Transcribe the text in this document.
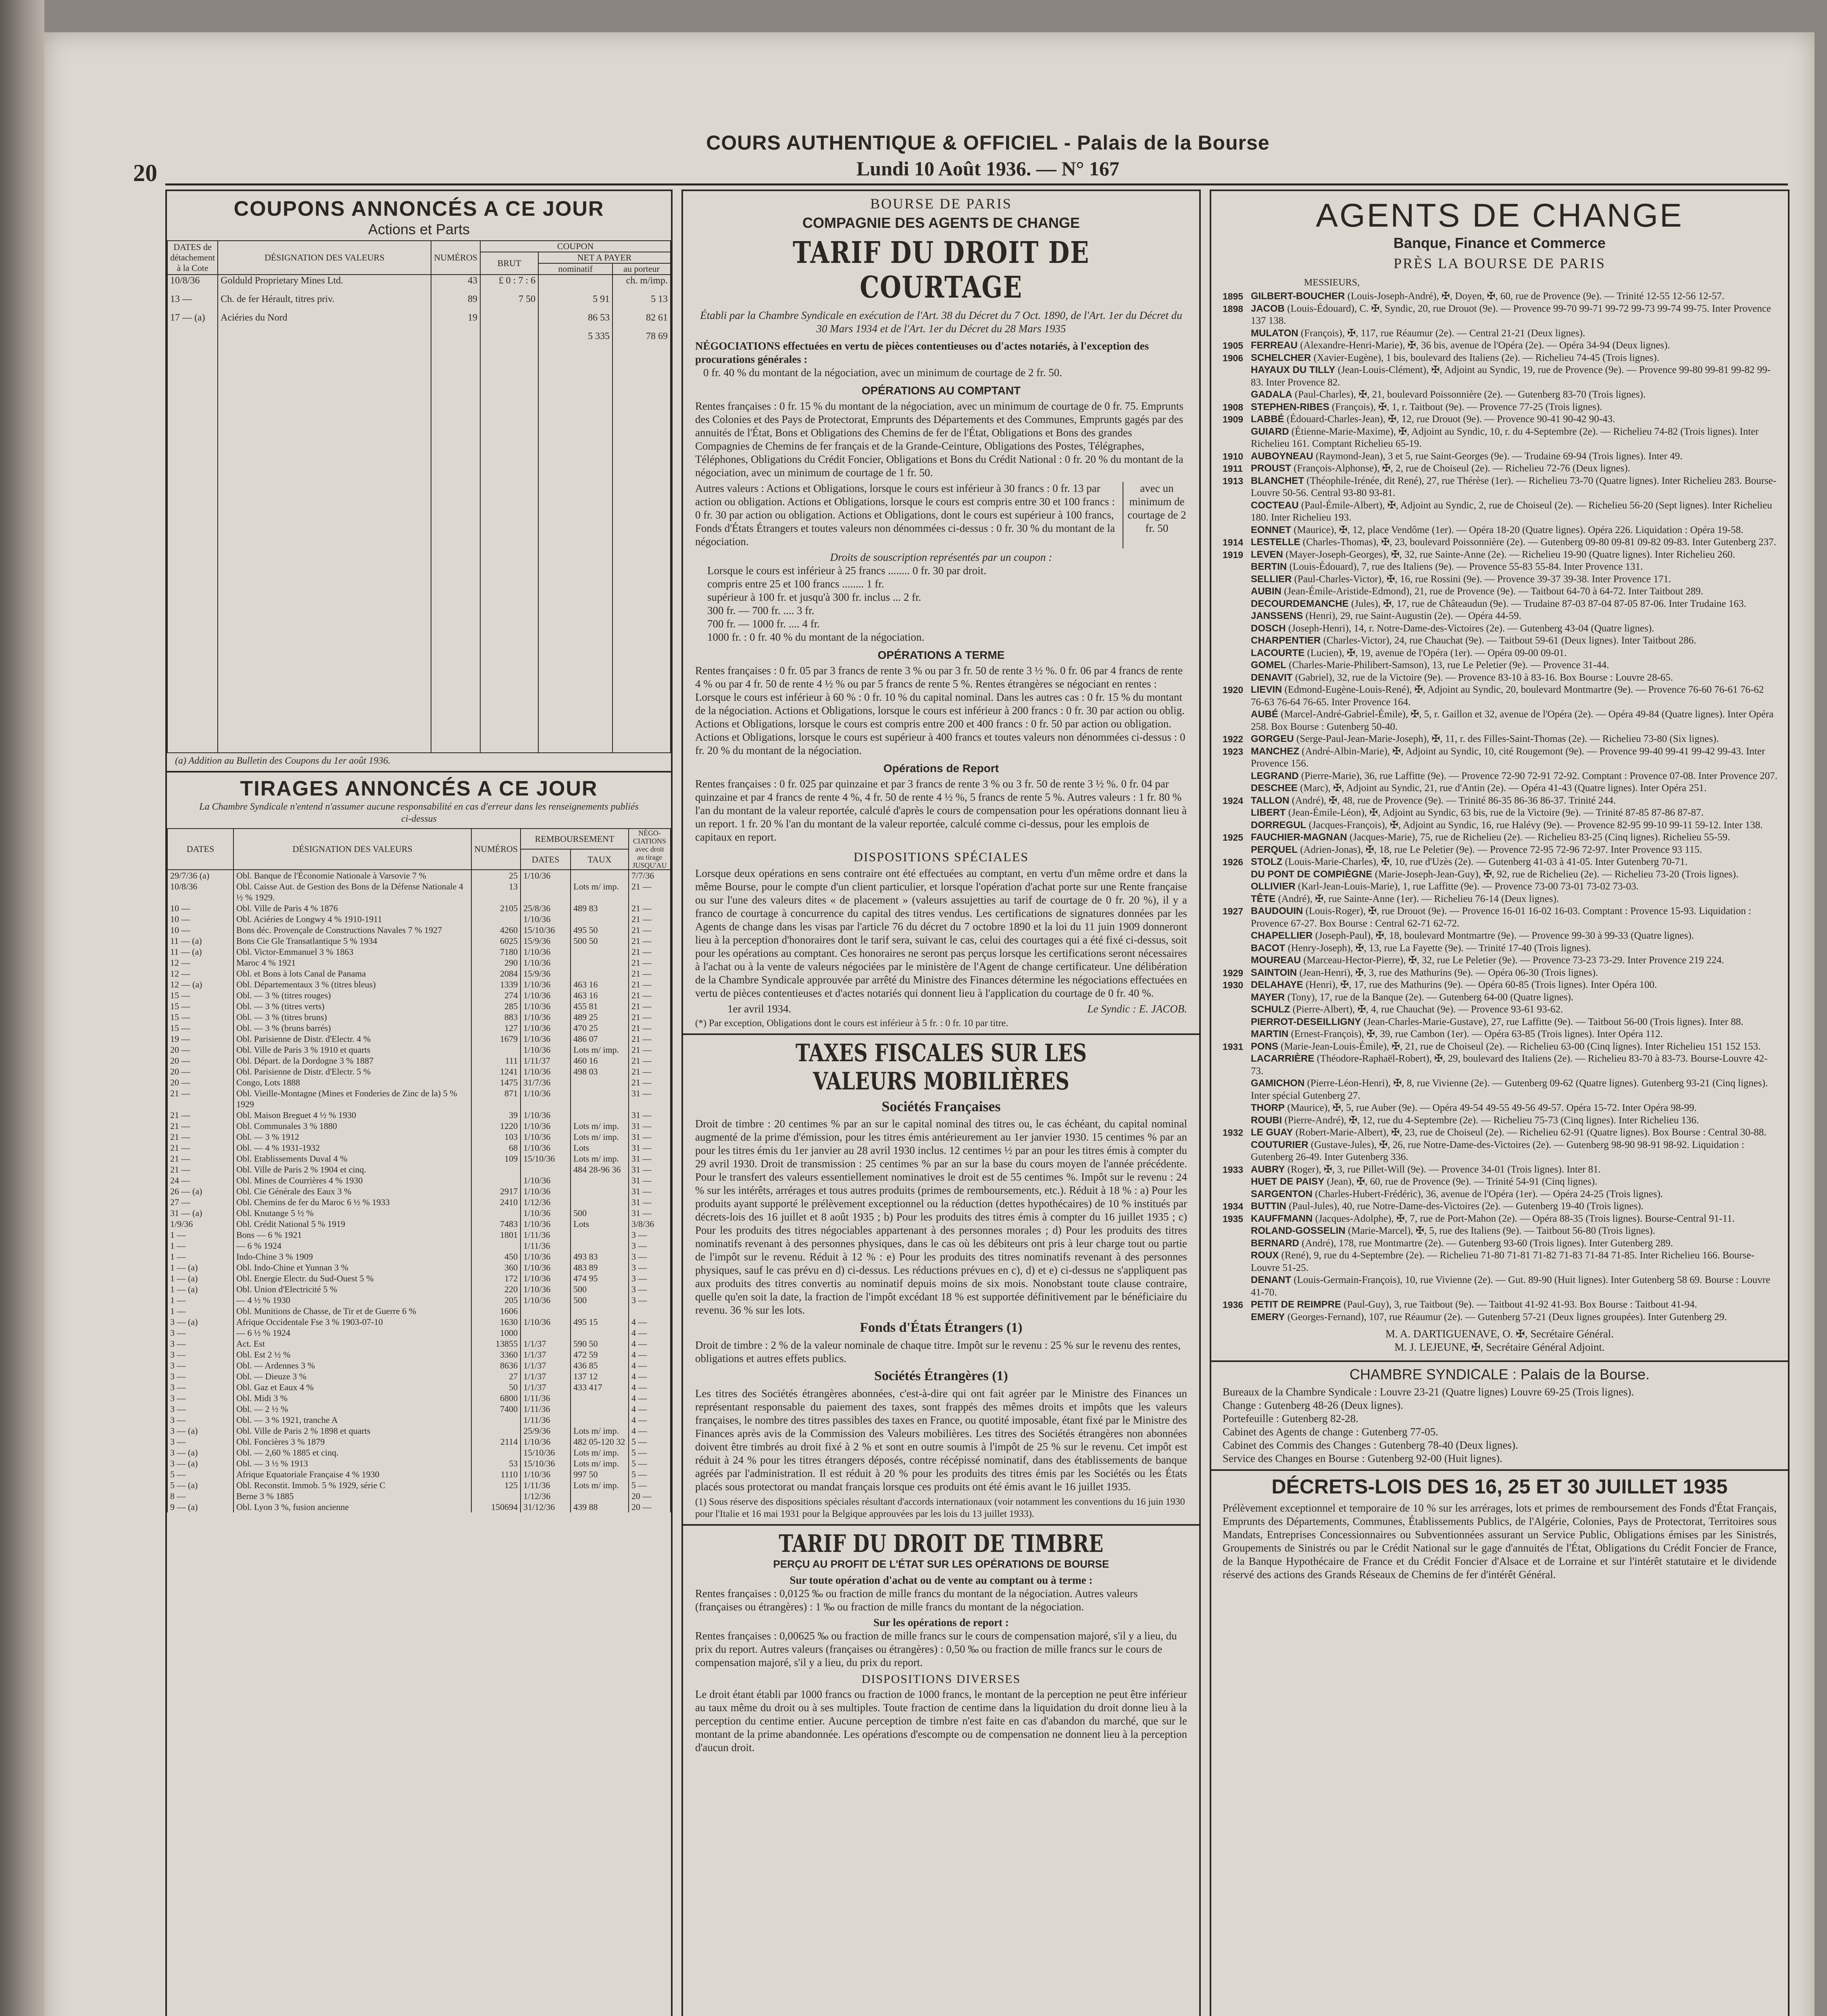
20
COURS AUTHENTIQUE & OFFICIEL - Palais de la Bourse
Lundi 10 Août 1936. — N° 167
COUPONS ANNONCÉS A CE JOUR
Actions et Parts
DATES de détachement à la Cote	DÉSIGNATION DES VALEURS	NUMÉROS	COUPON		
			BRUT	NET A PAYER	
				nominatif	au porteur
10/8/36	Golduld Proprietary Mines Ltd.	43	£ 0 : 7 : 6		ch. m/imp.
13 —	Ch. de fer Hérault, titres priv.	89	7 50	5 91	5 13
17 — (a)	Aciéries du Nord	19		86 53	82 61
				5 335	78 69

(a) Addition au Bulletin des Coupons du 1er août 1936.
TIRAGES ANNONCÉS A CE JOUR
La Chambre Syndicale n'entend n'assumer aucune responsabilité en cas d'erreur dans les renseignements publiés ci-dessus
DATES	DÉSIGNATION DES VALEURS	NUMÉROS	REMBOURSEMENT		NÉGO-CIATIONS avec droit au tirage JUSQU'AU
			DATES	TAUX	
29/7/36 (a)	Obl. Banque de l'Économie Nationale à Varsovie 7 %	25	1/10/36		7/7/36
10/8/36	Obl. Caisse Aut. de Gestion des Bons de la Défense Nationale 4 ½ % 1929.	13		Lots m/ imp.	21 —
10 —	Obl. Ville de Paris 4 % 1876	2105	25/8/36	489 83	21 —
10 —	Obl. Aciéries de Longwy 4 % 1910-1911		1/10/36		21 —
10 —	Bons déc. Provençale de Constructions Navales 7 % 1927	4260	15/10/36	495 50	21 —
11 — (a)	Bons Cie Gle Transatlantique 5 % 1934	6025	15/9/36	500 50	21 —
11 — (a)	Obl. Victor-Emmanuel 3 % 1863	7180	1/10/36		21 —
12 —	Maroc 4 % 1921	290	1/10/36		21 —
12 —	Obl. et Bons à lots Canal de Panama	2084	15/9/36		21 —
12 — (a)	Obl. Départementaux 3 % (titres bleus)	1339	1/10/36	463 16	21 —
15 —	Obl. — 3 % (titres rouges)	274	1/10/36	463 16	21 —
15 —	Obl. — 3 % (titres verts)	285	1/10/36	455 81	21 —
15 —	Obl. — 3 % (titres bruns)	883	1/10/36	489 25	21 —
15 —	Obl. — 3 % (bruns barrés)	127	1/10/36	470 25	21 —
19 —	Obl. Parisienne de Distr. d'Electr. 4 %	1679	1/10/36	486 07	21 —
20 —	Obl. Ville de Paris 3 % 1910 et quarts		1/10/36	Lots m/ imp.	21 —
20 —	Obl. Départ. de la Dordogne 3 % 1887	111	1/11/37	460 16	21 —
20 —	Obl. Parisienne de Distr. d'Electr. 5 %	1241	1/10/36	498 03	21 —
20 —	Congo, Lots 1888	1475	31/7/36		21 —
21 —	Obl. Vieille-Montagne (Mines et Fonderies de Zinc de la) 5 % 1929	871	1/10/36		31 —
21 —	Obl. Maison Breguet 4 ½ % 1930	39	1/10/36		31 —
21 —	Obl. Communales 3 % 1880	1220	1/10/36	Lots m/ imp.	31 —
21 —	Obl. — 3 % 1912	103	1/10/36	Lots m/ imp.	31 —
21 —	Obl. — 4 % 1931-1932	68	1/10/36	Lots	31 —
21 —	Obl. Etablissements Duval 4 %	109	15/10/36	Lots m/ imp.	31 —
21 —	Obl. Ville de Paris 2 % 1904 et cinq.			484 28-96 36	31 —
24 —	Obl. Mines de Courrières 4 % 1930		1/10/36		31 —
26 — (a)	Obl. Cie Générale des Eaux 3 %	2917	1/10/36		31 —
27 —	Obl. Chemins de fer du Maroc 6 ½ % 1933	2410	1/12/36		31 —
31 — (a)	Obl. Knutange 5 ½ %		1/10/36	500	31 —
1/9/36	Obl. Crédit National 5 % 1919	7483	1/10/36	Lots	3/8/36
1 —	Bons — 6 % 1921	1801	1/11/36		3 —
1 —	— 6 % 1924		1/11/36		3 —
1 —	Indo-Chine 3 % 1909	450	1/10/36	493 83	3 —
1 — (a)	Obl. Indo-Chine et Yunnan 3 %	360	1/10/36	483 89	3 —
1 — (a)	Obl. Energie Electr. du Sud-Ouest 5 %	172	1/10/36	474 95	3 —
1 — (a)	Obl. Union d'Electricité 5 %	220	1/10/36	500	3 —
1 —	— 4 ½ % 1930	205	1/10/36	500	3 —
1 —	Obl. Munitions de Chasse, de Tir et de Guerre 6 %	1606			
3 — (a)	Afrique Occidentale Fse 3 % 1903-07-10	1630	1/10/36	495 15	4 —
3 —	— 6 ½ % 1924	1000			4 —
3 —	Act. Est	13855	1/1/37	590 50	4 —
3 —	Obl. Est 2 ½ %	3360	1/1/37	472 59	4 —
3 —	Obl. — Ardennes 3 %	8636	1/1/37	436 85	4 —
3 —	Obl. — Dieuze 3 %	27	1/1/37	137 12	4 —
3 —	Obl. Gaz et Eaux 4 %	50	1/1/37	433 417	4 —
3 —	Obl. Midi 3 %	6800	1/11/36		4 —
3 —	Obl. — 2 ½ %	7400	1/11/36		4 —
3 —	Obl. — 3 % 1921, tranche A		1/11/36		4 —
3 — (a)	Obl. Ville de Paris 2 % 1898 et quarts		25/9/36	Lots m/ imp.	4 —
3 —	Obl. Foncières 3 % 1879	2114	1/10/36	482 05-120 32	5 —
3 — (a)	Obl. — 2,60 % 1885 et cinq.		15/10/36	Lots m/ imp.	5 —
3 — (a)	Obl. — 3 ½ % 1913	53	15/10/36	Lots m/ imp.	5 —
5 —	Afrique Equatoriale Française 4 % 1930	1110	1/10/36	997 50	5 —
5 — (a)	Obl. Reconstit. Immob. 5 % 1929, série C	125	1/11/36	Lots m/ imp.	5 —
8 —	Berne 3 % 1885		1/12/36		20 —
9 — (a)	Obl. Lyon 3 %, fusion ancienne	150694	31/12/36	439 88	20 —
BOURSE DE PARIS
COMPAGNIE DES AGENTS DE CHANGE
TARIF DU DROIT DE COURTAGE
Établi par la Chambre Syndicale en exécution de l'Art. 38 du Décret du 7 Oct. 1890, de l'Art. 1er du Décret du 30 Mars 1934 et de l'Art. 1er du Décret du 28 Mars 1935
NÉGOCIATIONS effectuées en vertu de pièces contentieuses ou d'actes notariés, à l'exception des procurations générales :
0 fr. 40 % du montant de la négociation, avec un minimum de courtage de 2 fr. 50.
OPÉRATIONS AU COMPTANT
Rentes françaises : 0 fr. 15 % du montant de la négociation, avec un minimum de courtage de 0 fr. 75. Emprunts des Colonies et des Pays de Protectorat, Emprunts des Départements et des Communes, Emprunts gagés par des annuités de l'État, Bons et Obligations des Chemins de fer de l'État, Obligations et Bons des grandes Compagnies de Chemins de fer français et de la Grande-Ceinture, Obligations des Postes, Télégraphes, Téléphones, Obligations du Crédit Foncier, Obligations et Bons du Crédit National : 0 fr. 20 % du montant de la négociation, avec un minimum de courtage de 1 fr. 50.
Autres valeurs : Actions et Obligations, lorsque le cours est inférieur à 30 francs : 0 fr. 13 par action ou obligation. Actions et Obligations, lorsque le cours est compris entre 30 et 100 francs : 0 fr. 30 par action ou obligation. Actions et Obligations, dont le cours est supérieur à 100 francs, Fonds d'États Étrangers et toutes valeurs non dénommées ci-dessus : 0 fr. 30 % du montant de la négociation.
avec un minimum de courtage de 2 fr. 50
Droits de souscription représentés par un coupon :
Lorsque le cours est inférieur à 25 francs ........ 0 fr. 30 par droit.
compris entre 25 et 100 francs ........ 1 fr.
supérieur à 100 fr. et jusqu'à 300 fr. inclus ... 2 fr.
300 fr. — 700 fr. .... 3 fr.
700 fr. — 1000 fr. .... 4 fr.
1000 fr. : 0 fr. 40 % du montant de la négociation.
OPÉRATIONS A TERME
Rentes françaises : 0 fr. 05 par 3 francs de rente 3 % ou par 3 fr. 50 de rente 3 ½ %. 0 fr. 06 par 4 francs de rente 4 % ou par 4 fr. 50 de rente 4 ½ % ou par 5 francs de rente 5 %. Rentes étrangères se négociant en rentes : Lorsque le cours est inférieur à 60 % : 0 fr. 10 % du capital nominal. Dans les autres cas : 0 fr. 15 % du montant de la négociation. Actions et Obligations, lorsque le cours est inférieur à 200 francs : 0 fr. 30 par action ou oblig. Actions et Obligations, lorsque le cours est compris entre 200 et 400 francs : 0 fr. 50 par action ou obligation. Actions et Obligations, lorsque le cours est supérieur à 400 francs et toutes valeurs non dénommées ci-dessus : 0 fr. 20 % du montant de la négociation.
Opérations de Report
Rentes françaises : 0 fr. 025 par quinzaine et par 3 francs de rente 3 % ou 3 fr. 50 de rente 3 ½ %. 0 fr. 04 par quinzaine et par 4 francs de rente 4 %, 4 fr. 50 de rente 4 ½ %, 5 francs de rente 5 %. Autres valeurs : 1 fr. 80 % l'an du montant de la valeur reportée, calculé d'après le cours de compensation pour les opérations donnant lieu à un report. 1 fr. 20 % l'an du montant de la valeur reportée, calculé comme ci-dessus, pour les emplois de capitaux en report.
DISPOSITIONS SPÉCIALES
Lorsque deux opérations en sens contraire ont été effectuées au comptant, en vertu d'un même ordre et dans la même Bourse, pour le compte d'un client particulier, et lorsque l'opération d'achat porte sur une Rente française ou sur l'une des valeurs dites « de placement » (valeurs assujetties au tarif de courtage de 0 fr. 20 %), il y a franco de courtage à concurrence du capital des titres vendus. Les certifications de signatures données par les Agents de change dans les visas par l'article 76 du décret du 7 octobre 1890 et la loi du 11 juin 1909 donneront lieu à la perception d'honoraires dont le tarif sera, suivant le cas, celui des courtages qui a été fixé ci-dessus, soit pour les opérations au comptant. Ces honoraires ne seront pas perçus lorsque les certifications seront nécessaires à l'achat ou à la vente de valeurs négociées par le ministère de l'Agent de change certificateur. Une délibération de la Chambre Syndicale approuvée par arrêté du Ministre des Finances détermine les négociations effectuées en vertu de pièces contentieuses et d'actes notariés qui donnent lieu à l'application du courtage de 0 fr. 40 %.
1er avril 1934.	Le Syndic : E. JACOB.
(*) Par exception, Obligations dont le cours est inférieur à 5 fr. : 0 fr. 10 par titre.
TAXES FISCALES SUR LES VALEURS MOBILIÈRES
Sociétés Françaises
Droit de timbre : 20 centimes % par an sur le capital nominal des titres ou, le cas échéant, du capital nominal augmenté de la prime d'émission, pour les titres émis antérieurement au 1er janvier 1930. 15 centimes % par an pour les titres émis du 1er janvier au 28 avril 1930 inclus. 12 centimes ½ par an pour les titres émis à compter du 29 avril 1930. Droit de transmission : 25 centimes % par an sur la base du cours moyen de l'année précédente. Pour le transfert des valeurs essentiellement nominatives le droit est de 55 centimes %. Impôt sur le revenu : 24 % sur les intérêts, arrérages et tous autres produits (primes de remboursements, etc.). Réduit à 18 % : a) Pour les produits ayant supporté le prélèvement exceptionnel ou la réduction (dettes hypothécaires) de 10 % institués par décrets-lois des 16 juillet et 8 août 1935 ; b) Pour les produits des titres émis à compter du 16 juillet 1935 ; c) Pour les produits des titres négociables appartenant à des personnes morales ; d) Pour les produits des titres nominatifs revenant à des personnes physiques, dans le cas où les débiteurs ont pris à leur charge tout ou partie de l'impôt sur le revenu. Réduit à 12 % : e) Pour les produits des titres nominatifs revenant à des personnes physiques, sauf le cas prévu en d) ci-dessus. Les réductions prévues en c), d) et e) ci-dessus ne s'appliquent pas aux produits des titres convertis au nominatif depuis moins de six mois. Nonobstant toute clause contraire, quelle qu'en soit la date, la fraction de l'impôt excédant 18 % est supportée définitivement par le bénéficiaire du revenu. 36 % sur les lots.
Fonds d'États Étrangers (1)
Droit de timbre : 2 % de la valeur nominale de chaque titre. Impôt sur le revenu : 25 % sur le revenu des rentes, obligations et autres effets publics.
Sociétés Étrangères (1)
Les titres des Sociétés étrangères abonnées, c'est-à-dire qui ont fait agréer par le Ministre des Finances un représentant responsable du paiement des taxes, sont frappés des mêmes droits et impôts que les valeurs françaises, le nombre des titres passibles des taxes en France, ou quotité imposable, étant fixé par le Ministre des Finances après avis de la Commission des Valeurs mobilières. Les titres des Sociétés étrangères non abonnées doivent être timbrés au droit fixé à 2 % et sont en outre soumis à l'impôt de 25 % sur le revenu. Cet impôt est réduit à 24 % pour les titres étrangers déposés, contre récépissé nominatif, dans des établissements de banque agréés par l'administration. Il est réduit à 20 % pour les produits des titres émis par les Sociétés ou les États placés sous protectorat ou mandat français lorsque ces produits ont été émis avant le 16 juillet 1935.
(1) Sous réserve des dispositions spéciales résultant d'accords internationaux (voir notamment les conventions du 16 juin 1930 pour l'Italie et 16 mai 1931 pour la Belgique approuvées par les lois du 13 juillet 1933).
TARIF DU DROIT DE TIMBRE
PERÇU AU PROFIT DE L'ÉTAT SUR LES OPÉRATIONS DE BOURSE
Sur toute opération d'achat ou de vente au comptant ou à terme :
Rentes françaises : 0,0125 ‰ ou fraction de mille francs du montant de la négociation. Autres valeurs (françaises ou étrangères) : 1 ‰ ou fraction de mille francs du montant de la négociation.
Sur les opérations de report :
Rentes françaises : 0,00625 ‰ ou fraction de mille francs sur le cours de compensation majoré, s'il y a lieu, du prix du report. Autres valeurs (françaises ou étrangères) : 0,50 ‰ ou fraction de mille francs sur le cours de compensation majoré, s'il y a lieu, du prix du report.
DISPOSITIONS DIVERSES
Le droit étant établi par 1000 francs ou fraction de 1000 francs, le montant de la perception ne peut être inférieur au taux même du droit ou à ses multiples. Toute fraction de centime dans la liquidation du droit donne lieu à la perception du centime entier. Aucune perception de timbre n'est faite en cas d'abandon du marché, que sur le montant de la prime abandonnée. Les opérations d'escompte ou de compensation ne donnent lieu à la perception d'aucun droit.
AGENTS DE CHANGE
Banque, Finance et Commerce
PRÈS LA BOURSE DE PARIS
MESSIEURS,
1895 GILBERT-BOUCHER (Louis-Joseph-André), ✠, Doyen, ✠, 60, rue de Provence (9e). — Trinité 12-55 12-56 12-57.
1898 JACOB (Louis-Édouard), C. ✠, Syndic, 20, rue Drouot (9e). — Provence 99-70 99-71 99-72 99-73 99-74 99-75. Inter Provence 137 138.
MULATON (François), ✠, 117, rue Réaumur (2e). — Central 21-21 (Deux lignes).
1905 FERREAU (Alexandre-Henri-Marie), ✠, 36 bis, avenue de l'Opéra (2e). — Opéra 34-94 (Deux lignes).
1906 SCHELCHER (Xavier-Eugène), 1 bis, boulevard des Italiens (2e). — Richelieu 74-45 (Trois lignes).
HAYAUX DU TILLY (Jean-Louis-Clément), ✠, Adjoint au Syndic, 19, rue de Provence (9e). — Provence 99-80 99-81 99-82 99-83. Inter Provence 82.
GADALA (Paul-Charles), ✠, 21, boulevard Poissonnière (2e). — Gutenberg 83-70 (Trois lignes).
1908 STEPHEN-RIBES (François), ✠, 1, r. Taitbout (9e). — Provence 77-25 (Trois lignes).
1909 LABBÉ (Édouard-Charles-Jean), ✠, 12, rue Drouot (9e). — Provence 90-41 90-42 90-43.
GUIARD (Étienne-Marie-Maxime), ✠, Adjoint au Syndic, 10, r. du 4-Septembre (2e). — Richelieu 74-82 (Trois lignes). Inter Richelieu 161. Comptant Richelieu 65-19.
1910 AUBOYNEAU (Raymond-Jean), 3 et 5, rue Saint-Georges (9e). — Trudaine 69-94 (Trois lignes). Inter 49.
1911 PROUST (François-Alphonse), ✠, 2, rue de Choiseul (2e). — Richelieu 72-76 (Deux lignes).
1913 BLANCHET (Théophile-Irénée, dit René), 27, rue Thérèse (1er). — Richelieu 73-70 (Quatre lignes). Inter Richelieu 283. Bourse-Louvre 50-56. Central 93-80 93-81.
COCTEAU (Paul-Émile-Albert), ✠, Adjoint au Syndic, 2, rue de Choiseul (2e). — Richelieu 56-20 (Sept lignes). Inter Richelieu 180. Inter Richelieu 193.
EONNET (Maurice), ✠, 12, place Vendôme (1er). — Opéra 18-20 (Quatre lignes). Opéra 226. Liquidation : Opéra 19-58.
1914 LESTELLE (Charles-Thomas), ✠, 23, boulevard Poissonnière (2e). — Gutenberg 09-80 09-81 09-82 09-83. Inter Gutenberg 237.
1919 LEVEN (Mayer-Joseph-Georges), ✠, 32, rue Sainte-Anne (2e). — Richelieu 19-90 (Quatre lignes). Inter Richelieu 260.
BERTIN (Louis-Édouard), 7, rue des Italiens (9e). — Provence 55-83 55-84. Inter Provence 131.
SELLIER (Paul-Charles-Victor), ✠, 16, rue Rossini (9e). — Provence 39-37 39-38. Inter Provence 171.
AUBIN (Jean-Émile-Aristide-Edmond), 21, rue de Provence (9e). — Taitbout 64-70 à 64-72. Inter Taitbout 289.
DECOURDEMANCHE (Jules), ✠, 17, rue de Châteaudun (9e). — Trudaine 87-03 87-04 87-05 87-06. Inter Trudaine 163.
JANSSENS (Henri), 29, rue Saint-Augustin (2e). — Opéra 44-59.
DOSCH (Joseph-Henri), 14, r. Notre-Dame-des-Victoires (2e). — Gutenberg 43-04 (Quatre lignes).
CHARPENTIER (Charles-Victor), 24, rue Chauchat (9e). — Taitbout 59-61 (Deux lignes). Inter Taitbout 286.
LACOURTE (Lucien), ✠, 19, avenue de l'Opéra (1er). — Opéra 09-00 09-01.
GOMEL (Charles-Marie-Philibert-Samson), 13, rue Le Peletier (9e). — Provence 31-44.
DENAVIT (Gabriel), 32, rue de la Victoire (9e). — Provence 83-10 à 83-16. Box Bourse : Louvre 28-65.
1920 LIEVIN (Edmond-Eugène-Louis-René), ✠, Adjoint au Syndic, 20, boulevard Montmartre (9e). — Provence 76-60 76-61 76-62 76-63 76-64 76-65. Inter Provence 164.
AUBÉ (Marcel-André-Gabriel-Émile), ✠, 5, r. Gaillon et 32, avenue de l'Opéra (2e). — Opéra 49-84 (Quatre lignes). Inter Opéra 258. Box Bourse : Gutenberg 50-40.
1922 GORGEU (Serge-Paul-Jean-Marie-Joseph), ✠, 11, r. des Filles-Saint-Thomas (2e). — Richelieu 73-80 (Six lignes).
1923 MANCHEZ (André-Albin-Marie), ✠, Adjoint au Syndic, 10, cité Rougemont (9e). — Provence 99-40 99-41 99-42 99-43. Inter Provence 156.
LEGRAND (Pierre-Marie), 36, rue Laffitte (9e). — Provence 72-90 72-91 72-92. Comptant : Provence 07-08. Inter Provence 207.
DESCHEE (Marc), ✠, Adjoint au Syndic, 21, rue d'Antin (2e). — Opéra 41-43 (Quatre lignes). Inter Opéra 251.
1924 TALLON (André), ✠, 48, rue de Provence (9e). — Trinité 86-35 86-36 86-37. Trinité 244.
LIBERT (Jean-Émile-Léon), ✠, Adjoint au Syndic, 63 bis, rue de la Victoire (9e). — Trinité 87-85 87-86 87-87.
DORREGUL (Jacques-François), ✠, Adjoint au Syndic, 16, rue Halévy (9e). — Provence 82-95 99-10 99-11 59-12. Inter 138.
1925 FAUCHIER-MAGNAN (Jacques-Marie), 75, rue de Richelieu (2e). — Richelieu 83-25 (Cinq lignes). Richelieu 55-59.
PERQUEL (Adrien-Jonas), ✠, 18, rue Le Peletier (9e). — Provence 72-95 72-96 72-97. Inter Provence 93 115.
1926 STOLZ (Louis-Marie-Charles), ✠, 10, rue d'Uzès (2e). — Gutenberg 41-03 à 41-05. Inter Gutenberg 70-71.
DU PONT DE COMPIÈGNE (Marie-Joseph-Jean-Guy), ✠, 92, rue de Richelieu (2e). — Richelieu 73-20 (Trois lignes).
OLLIVIER (Karl-Jean-Louis-Marie), 1, rue Laffitte (9e). — Provence 73-00 73-01 73-02 73-03.
TÊTE (André), ✠, rue Sainte-Anne (1er). — Richelieu 76-14 (Deux lignes).
1927 BAUDOUIN (Louis-Roger), ✠, rue Drouot (9e). — Provence 16-01 16-02 16-03. Comptant : Provence 15-93. Liquidation : Provence 67-27. Box Bourse : Central 62-71 62-72.
CHAPELLIER (Joseph-Paul), ✠, 18, boulevard Montmartre (9e). — Provence 99-30 à 99-33 (Quatre lignes).
BACOT (Henry-Joseph), ✠, 13, rue La Fayette (9e). — Trinité 17-40 (Trois lignes).
MOUREAU (Marceau-Hector-Pierre), ✠, 32, rue Le Peletier (9e). — Provence 73-23 73-29. Inter Provence 219 224.
1929 SAINTOIN (Jean-Henri), ✠, 3, rue des Mathurins (9e). — Opéra 06-30 (Trois lignes).
1930 DELAHAYE (Henri), ✠, 17, rue des Mathurins (9e). — Opéra 60-85 (Trois lignes). Inter Opéra 100.
MAYER (Tony), 17, rue de la Banque (2e). — Gutenberg 64-00 (Quatre lignes).
SCHULZ (Pierre-Albert), ✠, 4, rue Chauchat (9e). — Provence 93-61 93-62.
PIERROT-DESEILLIGNY (Jean-Charles-Marie-Gustave), 27, rue Laffitte (9e). — Taitbout 56-00 (Trois lignes). Inter 88.
MARTIN (Ernest-François), ✠, 39, rue Cambon (1er). — Opéra 63-85 (Trois lignes). Inter Opéra 112.
1931 PONS (Marie-Jean-Louis-Émile), ✠, 21, rue de Choiseul (2e). — Richelieu 63-00 (Cinq lignes). Inter Richelieu 151 152 153.
LACARRIÈRE (Théodore-Raphaël-Robert), ✠, 29, boulevard des Italiens (2e). — Richelieu 83-70 à 83-73. Bourse-Louvre 42-73.
GAMICHON (Pierre-Léon-Henri), ✠, 8, rue Vivienne (2e). — Gutenberg 09-62 (Quatre lignes). Gutenberg 93-21 (Cinq lignes). Inter spécial Gutenberg 27.
THORP (Maurice), ✠, 5, rue Auber (9e). — Opéra 49-54 49-55 49-56 49-57. Opéra 15-72. Inter Opéra 98-99.
ROUBI (Pierre-André), ✠, 12, rue du 4-Septembre (2e). — Richelieu 75-73 (Cinq lignes). Inter Richelieu 136.
1932 LE GUAY (Robert-Marie-Albert), ✠, 23, rue de Choiseul (2e). — Richelieu 62-91 (Quatre lignes). Box Bourse : Central 30-88.
COUTURIER (Gustave-Jules), ✠, 26, rue Notre-Dame-des-Victoires (2e). — Gutenberg 98-90 98-91 98-92. Liquidation : Gutenberg 26-49. Inter Gutenberg 336.
1933 AUBRY (Roger), ✠, 3, rue Pillet-Will (9e). — Provence 34-01 (Trois lignes). Inter 81.
HUET DE PAISY (Jean), ✠, 60, rue de Provence (9e). — Trinité 54-91 (Cinq lignes).
SARGENTON (Charles-Hubert-Frédéric), 36, avenue de l'Opéra (1er). — Opéra 24-25 (Trois lignes).
1934 BUTTIN (Paul-Jules), 40, rue Notre-Dame-des-Victoires (2e). — Gutenberg 19-40 (Trois lignes).
1935 KAUFFMANN (Jacques-Adolphe), ✠, 7, rue de Port-Mahon (2e). — Opéra 88-35 (Trois lignes). Bourse-Central 91-11.
ROLAND-GOSSELIN (Marie-Marcel), ✠, 5, rue des Italiens (9e). — Taitbout 56-80 (Trois lignes).
BERNARD (André), 178, rue Montmartre (2e). — Gutenberg 93-60 (Trois lignes). Inter Gutenberg 289.
ROUX (René), 9, rue du 4-Septembre (2e). — Richelieu 71-80 71-81 71-82 71-83 71-84 71-85. Inter Richelieu 166. Bourse-Louvre 51-25.
DENANT (Louis-Germain-François), 10, rue Vivienne (2e). — Gut. 89-90 (Huit lignes). Inter Gutenberg 58 69. Bourse : Louvre 41-70.
1936 PETIT DE REIMPRE (Paul-Guy), 3, rue Taitbout (9e). — Taitbout 41-92 41-93. Box Bourse : Taitbout 41-94.
EMERY (Georges-Fernand), 107, rue Réaumur (2e). — Gutenberg 57-21 (Deux lignes groupées). Inter Gutenberg 29.
M. A. DARTIGUENAVE, O. ✠, Secrétaire Général.
M. J. LEJEUNE, ✠, Secrétaire Général Adjoint.
CHAMBRE SYNDICALE : Palais de la Bourse.
Bureaux de la Chambre Syndicale : Louvre 23-21 (Quatre lignes) Louvre 69-25 (Trois lignes).
Change : Gutenberg 48-26 (Deux lignes).
Portefeuille : Gutenberg 82-28.
Cabinet des Agents de change : Gutenberg 77-05.
Cabinet des Commis des Changes : Gutenberg 78-40 (Deux lignes).
Service des Changes en Bourse : Gutenberg 92-00 (Huit lignes).
DÉCRETS-LOIS DES 16, 25 ET 30 JUILLET 1935
Prélèvement exceptionnel et temporaire de 10 % sur les arrérages, lots et primes de remboursement des Fonds d'État Français, Emprunts des Départements, Communes, Établissements Publics, de l'Algérie, Colonies, Pays de Protectorat, Territoires sous Mandats, Entreprises Concessionnaires ou Subventionnées assurant un Service Public, Obligations émises par les Sinistrés, Groupements de Sinistrés ou par le Crédit National sur le gage d'annuités de l'État, Obligations du Crédit Foncier de France, de la Banque Hypothécaire de France et du Crédit Foncier d'Alsace et de Lorraine et sur l'intérêt statutaire et le dividende réservé des actions des Grands Réseaux de Chemins de fer d'intérêt Général.
